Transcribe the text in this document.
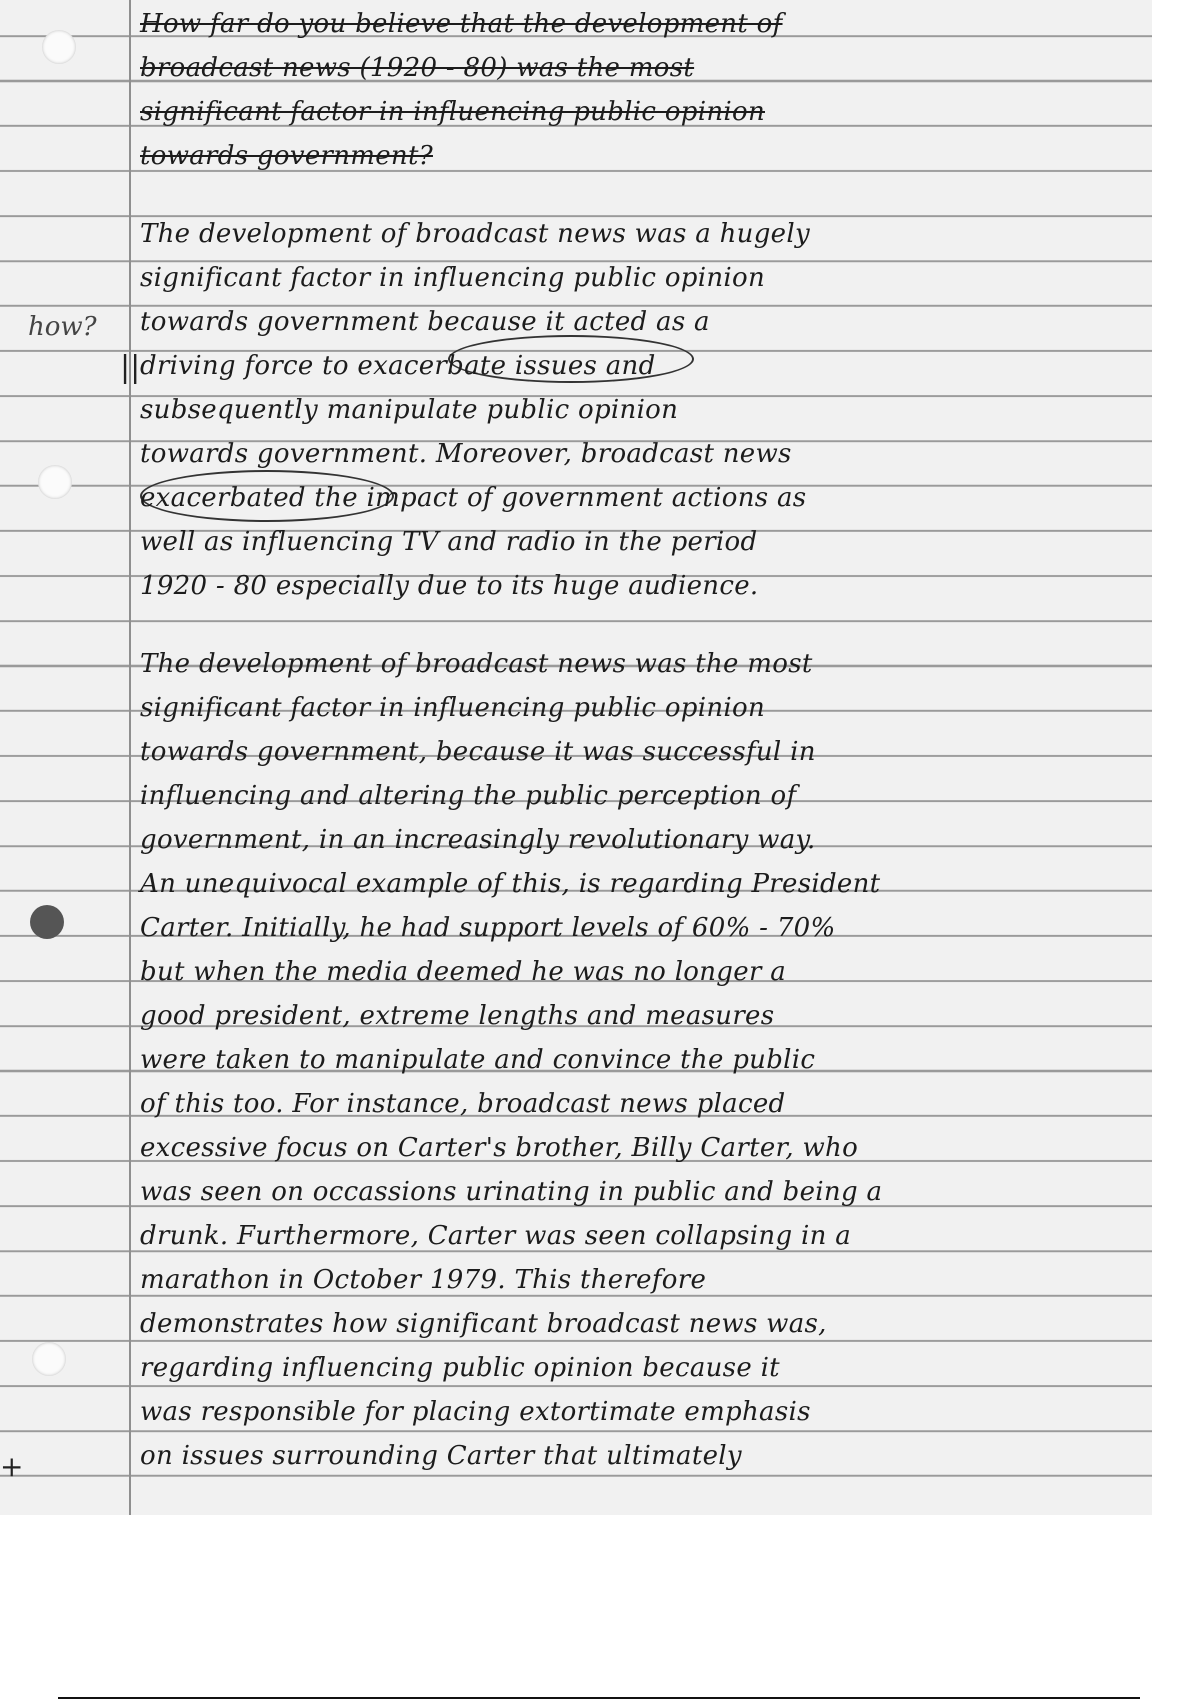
how?
||
+
How far do you believe that the development of
broadcast news (1920 - 80) was the most
significant factor in influencing public opinion
towards government?
The development of broadcast news was a hugely
significant factor in influencing public opinion
towards government because it acted as a
driving force to exacerbate issues and
subsequently manipulate public opinion
towards government. Moreover, broadcast news
exacerbated the impact of government actions as
well as influencing TV and radio in the period
1920 - 80 especially due to its huge audience.
The development of broadcast news was the most
significant factor in influencing public opinion
towards government, because it was successful in
influencing and altering the public perception of
government, in an increasingly revolutionary way.
An unequivocal example of this, is regarding President
Carter. Initially, he had support levels of 60% - 70%
but when the media deemed he was no longer a
good president, extreme lengths and measures
were taken to manipulate and convince the public
of this too. For instance, broadcast news placed
excessive focus on Carter's brother, Billy Carter, who
was seen on occassions urinating in public and being a
drunk. Furthermore, Carter was seen collapsing in a
marathon in October 1979. This therefore
demonstrates how significant broadcast news was,
regarding influencing public opinion because it
was responsible for placing extortimate emphasis
on issues surrounding Carter that ultimately
